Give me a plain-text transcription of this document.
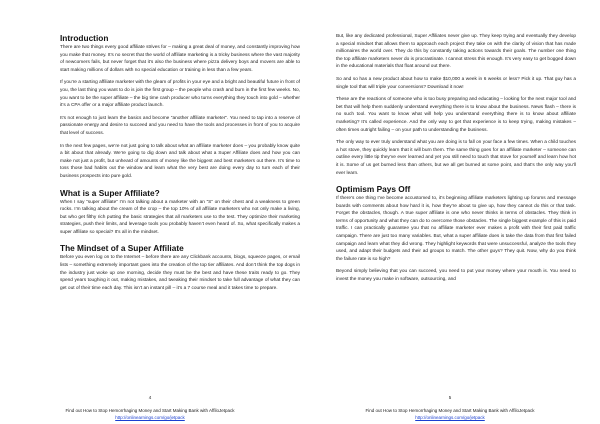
Introduction

There are two things every good affiliate strives for – making a great deal of money, and constantly improving how you make that money. It’s no secret that the world of affiliate marketing is a tricky business where the vast majority of newcomers fails, but never forget that it’s also the business where pizza delivery boys and movers are able to start making millions of dollars with no special education or training in less than a few years.

If you’re a starting affiliate marketer with the gleam of profits in your eye and a bright and beautiful future in front of you, the last thing you want to do is join the first group – the people who crash and burn in the first few weeks. No, you want to be the super affiliate – the big time cash producer who turns everything they touch into gold – whether it’s a CPA offer or a major affiliate product launch.

It’s not enough to just learn the basics and become “another affiliate marketer”. You need to tap into a reserve of passionate energy and desire to succeed and you need to have the tools and processes in front of you to acquire that level of success.

In the next few pages, we’re not just going to talk about what an affiliate marketer does – you probably know quite a bit about that already. We’re going to dig down and talk about what a Super Affiliate does and how you can make not just a profit, but unheard of amounts of money like the biggest and best marketers out there. It’s time to toss those bad habits out the window and learn what the very best are doing every day to turn each of their business prospects into pure gold.

What is a Super Affiliate?

When I say “super affiliate” I’m not talking about a marketer with an “S” on their chest and a weakness to green rocks. I’m talking about the cream of the crop – the top 10% of all affiliate marketers who not only make a living, but who get filthy rich putting the basic strategies that all marketers use to the test. They optimize their marketing strategies, push their limits, and leverage tools you probably haven’t even heard of. So, what specifically makes a super affiliate so special? It’s all in the mindset.

The Mindset of a Super Affiliate

Before you even log on to the Internet – before there are any Clickbank accounts, blogs, squeeze pages, or email lists – something extremely important goes into the creation of the top tier affiliates. And don’t think the top dogs in the industry just woke up one morning, decide they must be the best and have these traits ready to go. They spend years toughing it out, making mistakes, and tweaking their mindset to take full advantage of what they can get out of their time each day. This isn’t an instant pill – it’s a 7 course meal and it takes time to prepare.

4
Find out How to Stop Hemorrhaging Money and Start Making Bank with AffiloJetpack
http://onlinearnings.com/go/jetpack

But, like any dedicated professional, Super Affiliates never give up. They keep trying and eventually they develop a special mindset that allows them to approach each project they take on with the clarity of vision that has made millionaires the world over. They do this by constantly taking actions towards their goals. The number one thing the top affiliate marketers never do is procrastinate. I cannot stress this enough. It’s very easy to get bogged down in the educational materials that float around out there.

So and so has a new product about how to make $10,000 a week in 6 weeks or less? Pick it up. That guy has a single tool that will triple your conversions? Download it now!

These are the reactions of someone who is too busy preparing and educating – looking for the next major tool and bet that will help them suddenly understand everything there is to know about the business. News flash – there is no such tool. You want to know what will help you understand everything there is to know about affiliate marketing? It’s called experience. And the only way to get that experience is to keep trying, making mistakes – often times outright failing – on your path to understanding the business.

The only way to ever truly understand what you are doing is to fall on your face a few times. When a child touches a hot stove, they quickly learn that it will burn them. The same thing goes for an affiliate marketer – someone can outline every little tip they’ve ever learned and yet you still need to touch that stove for yourself and learn how hot it is. Some of us get burned less than others, but we all get burned at some point, and that’s the only way you’ll ever learn.

Optimism Pays Off

If there’s one thing I’ve become accustomed to, it’s beginning affiliate marketers lighting up forums and message boards with comments about how hard it is, how they’re about to give up, how they cannot do this or that task. Forget the obstacles, though. A true super affiliate is one who never thinks in terms of obstacles. They think in terms of opportunity and what they can do to overcome those obstacles. The single biggest example of this is paid traffic. I can practically guarantee you that no affiliate marketer ever makes a profit with their first paid traffic campaign. There are just too many variables. But, what a super affiliate does is take the data from that first failed campaign and learn what they did wrong. They highlight keywords that were unsuccessful, analyze the tools they used, and adapt their budgets and their ad groups to match. The other guys? They quit. Now, why do you think the failure rate is so high?

Beyond simply believing that you can succeed, you need to put your money where your mouth is. You need to invest the money you make in software, outsourcing, and

5
Find out How to Stop Hemorrhaging Money and Start Making Bank with AffiloJetpack
http://onlinearnings.com/go/jetpack
